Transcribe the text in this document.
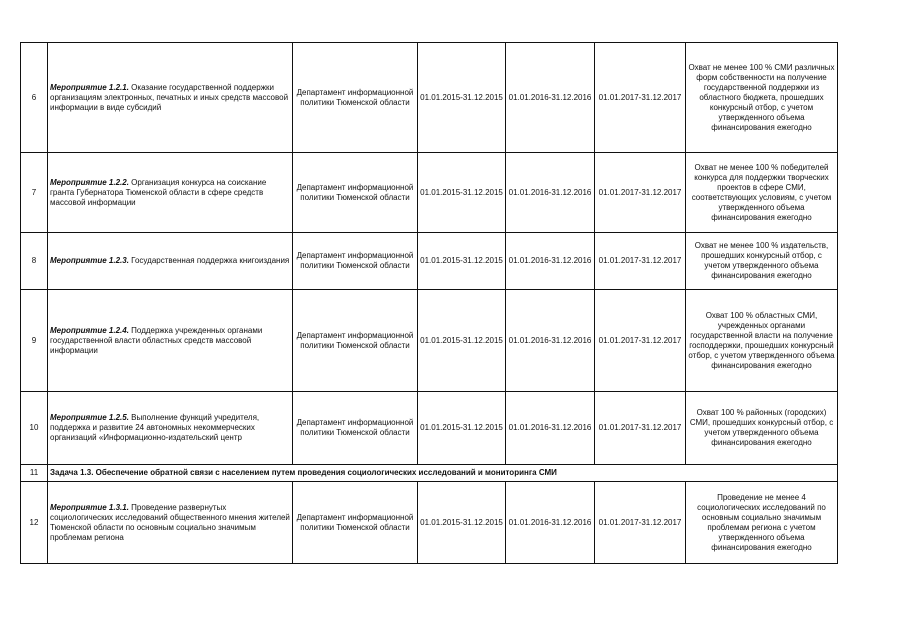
6	Мероприятие 1.2.1. Оказание государственной поддержки организациям электронных, печатных и иных средств массовой информации в виде субсидий	Департамент информационной политики Тюменской области	01.01.2015-31.12.2015	01.01.2016-31.12.2016	01.01.2017-31.12.2017	Охват не менее 100 % СМИ различных форм собственности на получение государственной поддержки из областного бюджета, прошедших конкурсный отбор, с учетом утвержденного объема финансирования ежегодно
7	Мероприятие 1.2.2. Организация конкурса на соискание гранта Губернатора Тюменской области в сфере средств массовой информации	Департамент информационной политики Тюменской области	01.01.2015-31.12.2015	01.01.2016-31.12.2016	01.01.2017-31.12.2017	Охват не менее 100 % победителей конкурса для поддержки творческих проектов в сфере СМИ, соответствующих условиям, с учетом утвержденного объема финансирования ежегодно
8	Мероприятие 1.2.3. Государственная поддержка книгоиздания	Департамент информационной политики Тюменской области	01.01.2015-31.12.2015	01.01.2016-31.12.2016	01.01.2017-31.12.2017	Охват не менее 100 % издательств, прошедших конкурсный отбор, с учетом утвержденного объема финансирования ежегодно
9	Мероприятие 1.2.4. Поддержка учрежденных органами государственной власти областных средств массовой информации	Департамент информационной политики Тюменской области	01.01.2015-31.12.2015	01.01.2016-31.12.2016	01.01.2017-31.12.2017	Охват 100 % областных СМИ, учрежденных органами государственной власти на получение господдержки, прошедших конкурсный отбор, с учетом утвержденного объема финансирования ежегодно
10	Мероприятие 1.2.5. Выполнение функций учредителя, поддержка и развитие 24 автономных некоммерческих организаций «Информационно-издательский центр	Департамент информационной политики Тюменской области	01.01.2015-31.12.2015	01.01.2016-31.12.2016	01.01.2017-31.12.2017	Охват 100 % районных (городских) СМИ, прошедших конкурсный отбор, с учетом утвержденного объема финансирования ежегодно
11	Задача 1.3. Обеспечение обратной связи с населением путем проведения социологических исследований и мониторинга СМИ					
12	Мероприятие 1.3.1. Проведение развернутых социологических исследований общественного мнения жителей Тюменской области по основным социально значимым проблемам региона	Департамент информационной политики Тюменской области	01.01.2015-31.12.2015	01.01.2016-31.12.2016	01.01.2017-31.12.2017	Проведение не менее 4 социологических исследований по основным социально значимым проблемам региона с учетом утвержденного объема финансирования ежегодно
